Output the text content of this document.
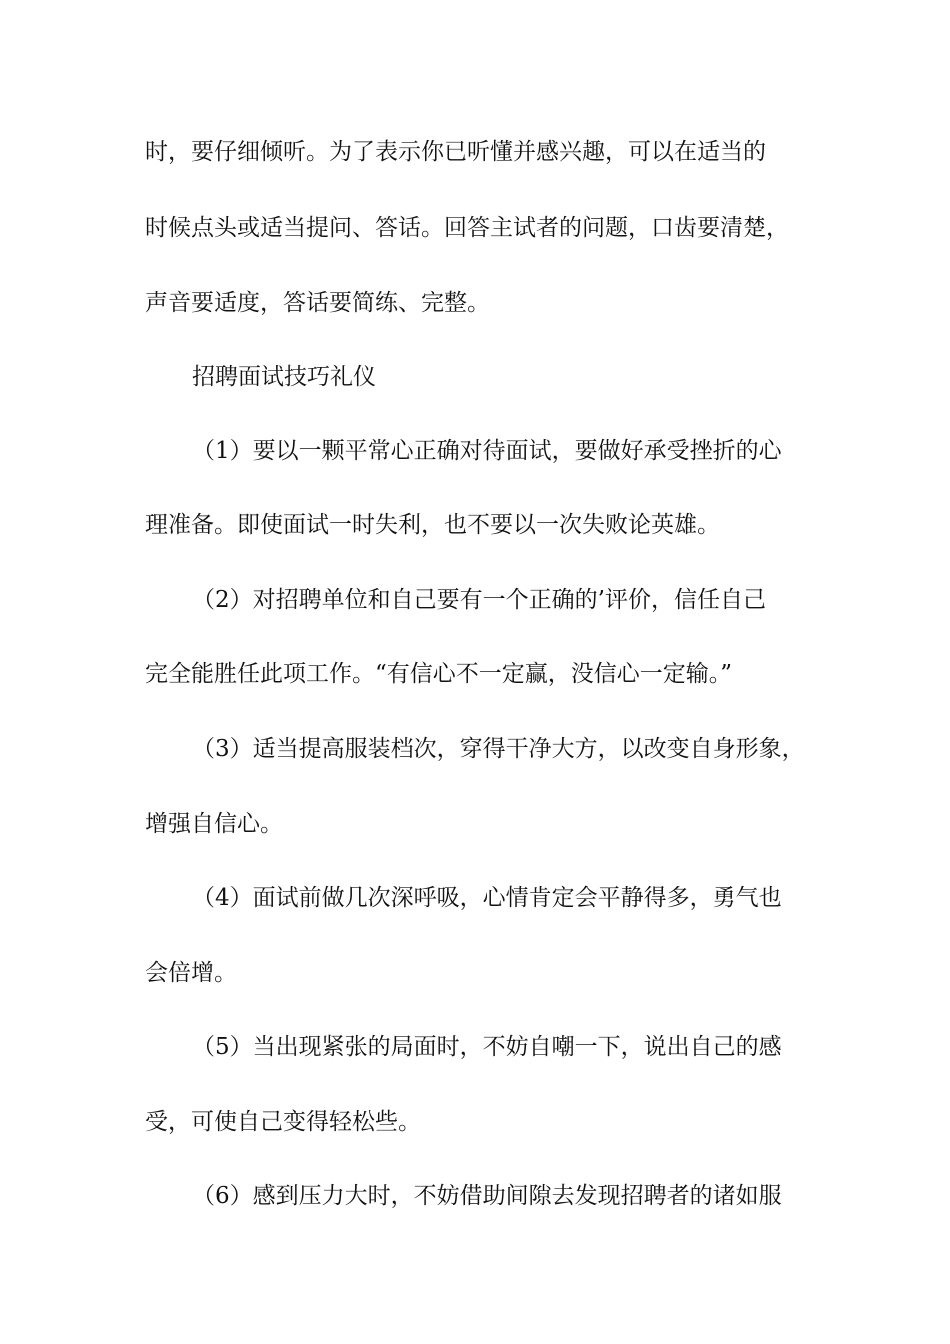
时，要仔细倾听。为了表示你已听懂并感兴趣，可以在适当的
时候点头或适当提问、答话。回答主试者的问题，口齿要清楚，
声音要适度，答话要简练、完整。
招聘面试技巧礼仪
（1）要以一颗平常心正确对待面试，要做好承受挫折的心
理准备。即使面试一时失利，也不要以一次失败论英雄。
（2）对招聘单位和自己要有一个正确的’评价，信任自己
完全能胜任此项工作。“有信心不一定赢，没信心一定输。”
（3）适当提高服装档次，穿得干净大方，以改变自身形象，
增强自信心。
（4）面试前做几次深呼吸，心情肯定会平静得多，勇气也
会倍增。
（5）当出现紧张的局面时，不妨自嘲一下，说出自己的感
受，可使自己变得轻松些。
（6）感到压力大时，不妨借助间隙去发现招聘者的诸如服
